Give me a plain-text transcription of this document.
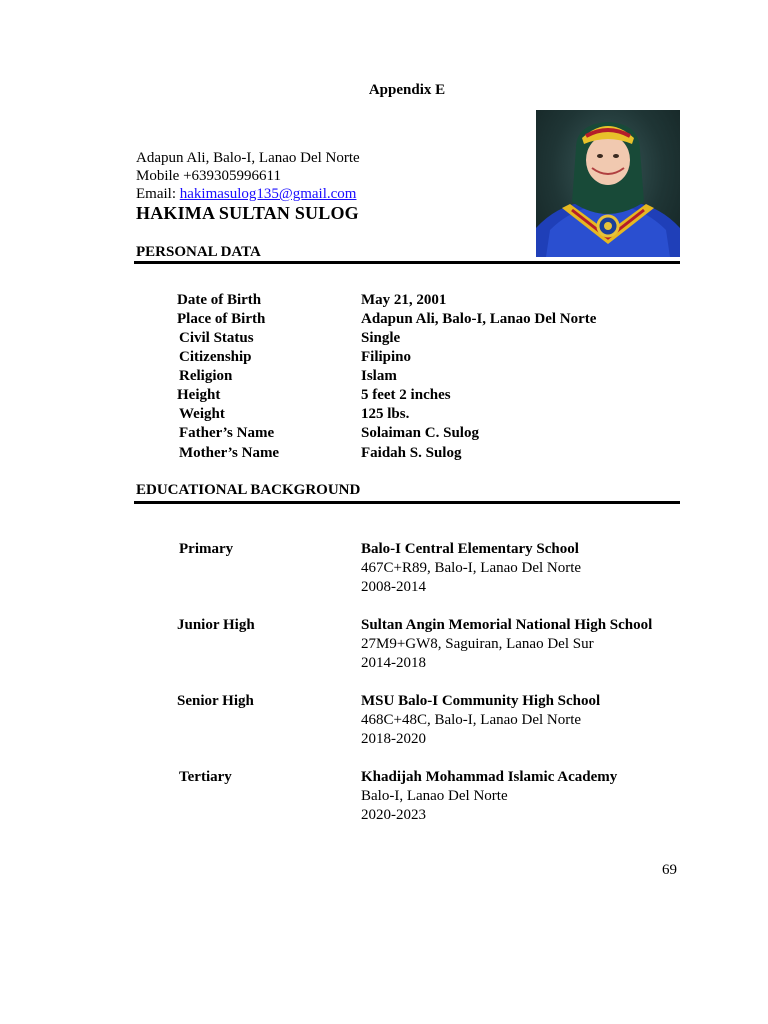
Appendix E
Adapun Ali, Balo-I, Lanao Del Norte
Mobile +639305996611
Email: hakimasulog135@gmail.com
HAKIMA SULTAN SULOG
PERSONAL DATA
Date of Birth	May 21, 2001
Place of Birth	Adapun Ali, Balo-I, Lanao Del Norte
Civil Status	Single
Citizenship	Filipino
Religion	Islam
Height	5 feet 2 inches
Weight	125 lbs.
Father’s Name	Solaiman C. Sulog
Mother’s Name	Faidah S. Sulog
EDUCATIONAL BACKGROUND
Primary	Balo-I Central Elementary School
467C+R89, Balo-I, Lanao Del Norte
2008-2014
Junior High	Sultan Angin Memorial National High School
27M9+GW8, Saguiran, Lanao Del Sur
2014-2018
Senior High	MSU Balo-I Community High School
468C+48C, Balo-I, Lanao Del Norte
2018-2020
Tertiary	Khadijah Mohammad Islamic Academy
Balo-I, Lanao Del Norte
2020-2023
69
